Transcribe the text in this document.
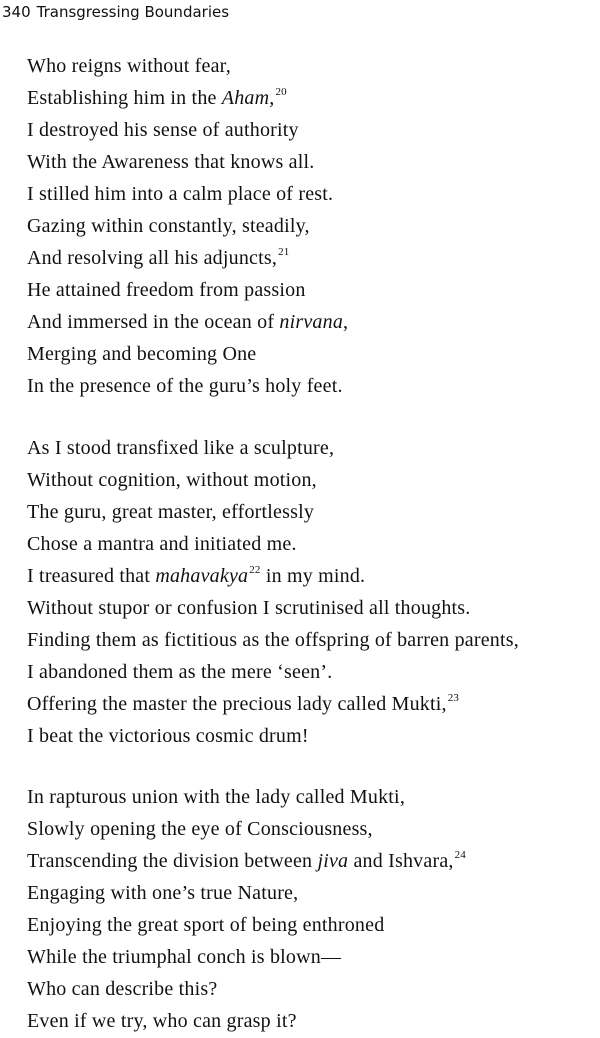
340 Transgressing Boundaries
Who reigns without fear,
Establishing him in the Aham,$^{20}$
I destroyed his sense of authority
With the Awareness that knows all.
I stilled him into a calm place of rest.
Gazing within constantly, steadily,
And resolving all his adjuncts,$^{21}$
He attained freedom from passion
And immersed in the ocean of nirvana,
Merging and becoming One
In the presence of the guru’s holy feet.
As I stood transfixed like a sculpture,
Without cognition, without motion,
The guru, great master, effortlessly
Chose a mantra and initiated me.
I treasured that mahavakya$^{22}$ in my mind.
Without stupor or confusion I scrutinised all thoughts.
Finding them as fictitious as the offspring of barren parents,
I abandoned them as the mere ‘seen’.
Offering the master the precious lady called Mukti,$^{23}$
I beat the victorious cosmic drum!
In rapturous union with the lady called Mukti,
Slowly opening the eye of Consciousness,
Transcending the division between jiva and Ishvara,$^{24}$
Engaging with one’s true Nature,
Enjoying the great sport of being enthroned
While the triumphal conch is blown—
Who can describe this?
Even if we try, who can grasp it?
